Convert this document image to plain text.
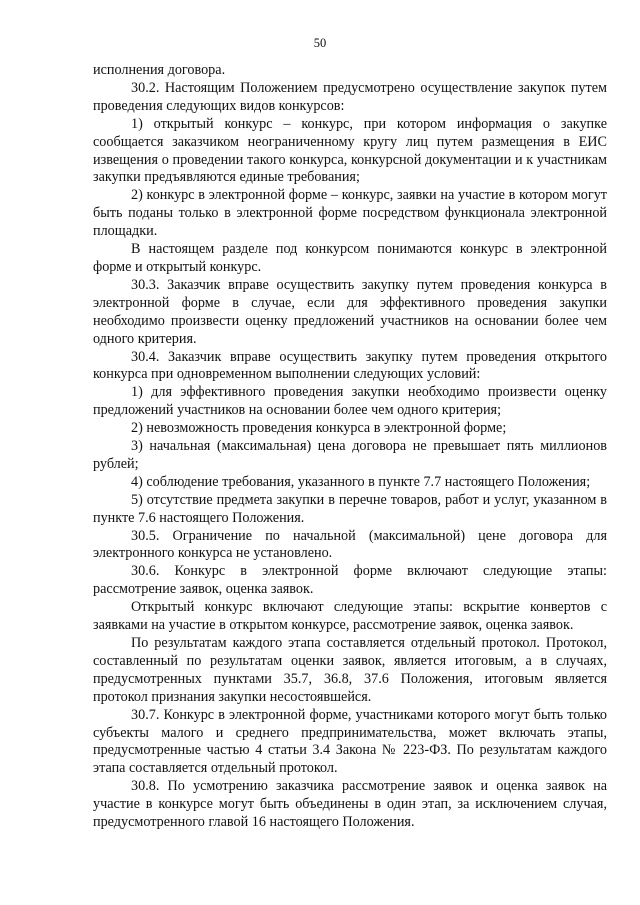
50

исполнения договора.

30.2. Настоящим Положением предусмотрено осуществление закупок путем проведения следующих видов конкурсов:

1) открытый конкурс – конкурс, при котором информация о закупке сообщается заказчиком неограниченному кругу лиц путем размещения в ЕИС извещения о проведении такого конкурса, конкурсной документации и к участникам закупки предъявляются единые требования;

2) конкурс в электронной форме – конкурс, заявки на участие в котором могут быть поданы только в электронной форме посредством функционала электронной площадки.

В настоящем разделе под конкурсом понимаются конкурс в электронной форме и открытый конкурс.

30.3. Заказчик вправе осуществить закупку путем проведения конкурса в электронной форме в случае, если для эффективного проведения закупки необходимо произвести оценку предложений участников на основании более чем одного критерия.

30.4. Заказчик вправе осуществить закупку путем проведения открытого конкурса при одновременном выполнении следующих условий:

1) для эффективного проведения закупки необходимо произвести оценку предложений участников на основании более чем одного критерия;

2) невозможность проведения конкурса в электронной форме;

3) начальная (максимальная) цена договора не превышает пять миллионов рублей;

4) соблюдение требования, указанного в пункте 7.7 настоящего Положения;

5) отсутствие предмета закупки в перечне товаров, работ и услуг, указанном в пункте 7.6 настоящего Положения.

30.5. Ограничение по начальной (максимальной) цене договора для электронного конкурса не установлено.

30.6. Конкурс в электронной форме включают следующие этапы: рассмотрение заявок, оценка заявок.

Открытый конкурс включают следующие этапы: вскрытие конвертов с заявками на участие в открытом конкурсе, рассмотрение заявок, оценка заявок.

По результатам каждого этапа составляется отдельный протокол. Протокол, составленный по результатам оценки заявок, является итоговым, а в случаях, предусмотренных пунктами 35.7, 36.8, 37.6 Положения, итоговым является протокол признания закупки несостоявшейся.

30.7. Конкурс в электронной форме, участниками которого могут быть только субъекты малого и среднего предпринимательства, может включать этапы, предусмотренные частью 4 статьи 3.4 Закона № 223-ФЗ. По результатам каждого этапа составляется отдельный протокол.

30.8. По усмотрению заказчика рассмотрение заявок и оценка заявок на участие в конкурсе могут быть объединены в один этап, за исключением случая, предусмотренного главой 16 настоящего Положения.
